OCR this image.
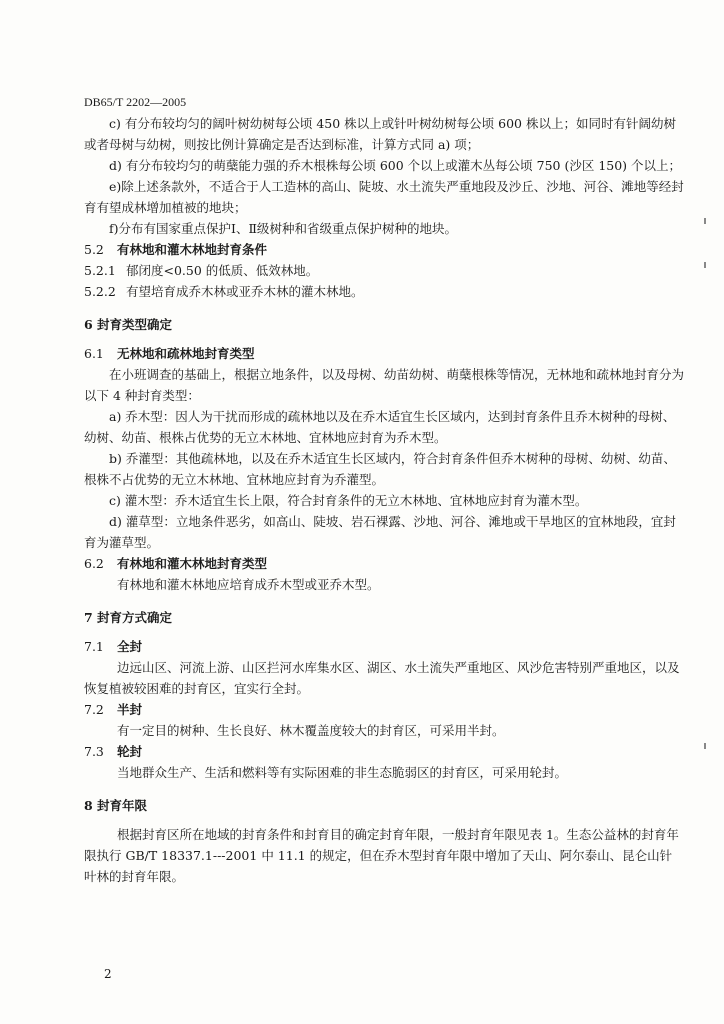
DB65/T 2202—2005

c) 有分布较均匀的阔叶树幼树每公顷 450 株以上或针叶树幼树每公顷 600 株以上；如同时有针阔幼树或者母树与幼树，则按比例计算确定是否达到标准，计算方式同 a) 项；

d) 有分布较均匀的萌蘖能力强的乔木根株每公顷 600 个以上或灌木丛每公顷 750 (沙区 150) 个以上；

e)除上述条款外，不适合于人工造林的高山、陡坡、水土流失严重地段及沙丘、沙地、河谷、滩地等经封育有望成林增加植被的地块；

f)分布有国家重点保护Ⅰ、Ⅱ级树种和省级重点保护树种的地块。

5.2	有林地和灌木林地封育条件
5.2.1 郁闭度<0.50 的低质、低效林地。
5.2.2 有望培育成乔木林或亚乔木林的灌木林地。
6 封育类型确定
6.1	无林地和疏林地封育类型

在小班调查的基础上，根据立地条件，以及母树、幼苗幼树、萌蘖根株等情况，无林地和疏林地封育分为以下 4 种封育类型：

a) 乔木型：因人为干扰而形成的疏林地以及在乔木适宜生长区域内，达到封育条件且乔木树种的母树、幼树、幼苗、根株占优势的无立木林地、宜林地应封育为乔木型。

b) 乔灌型：其他疏林地，以及在乔木适宜生长区域内，符合封育条件但乔木树种的母树、幼树、幼苗、根株不占优势的无立木林地、宜林地应封育为乔灌型。

c) 灌木型：乔木适宜生长上限，符合封育条件的无立木林地、宜林地应封育为灌木型。

d) 灌草型：立地条件恶劣，如高山、陡坡、岩石裸露、沙地、河谷、滩地或干旱地区的宜林地段，宜封育为灌草型。

6.2	有林地和灌木林地封育类型

有林地和灌木林地应培育成乔木型或亚乔木型。

7 封育方式确定
7.1	全封

边远山区、河流上游、山区拦河水库集水区、湖区、水土流失严重地区、风沙危害特别严重地区，以及恢复植被较困难的封育区，宜实行全封。

7.2	半封

有一定目的树种、生长良好、林木覆盖度较大的封育区，可采用半封。

7.3	轮封

当地群众生产、生活和燃料等有实际困难的非生态脆弱区的封育区，可采用轮封。

8 封育年限

根据封育区所在地域的封育条件和封育目的确定封育年限，一般封育年限见表 1。生态公益林的封育年限执行 GB/T 18337.1---2001 中 11.1 的规定，但在乔木型封育年限中增加了天山、阿尔泰山、昆仑山针叶林的封育年限。

2
